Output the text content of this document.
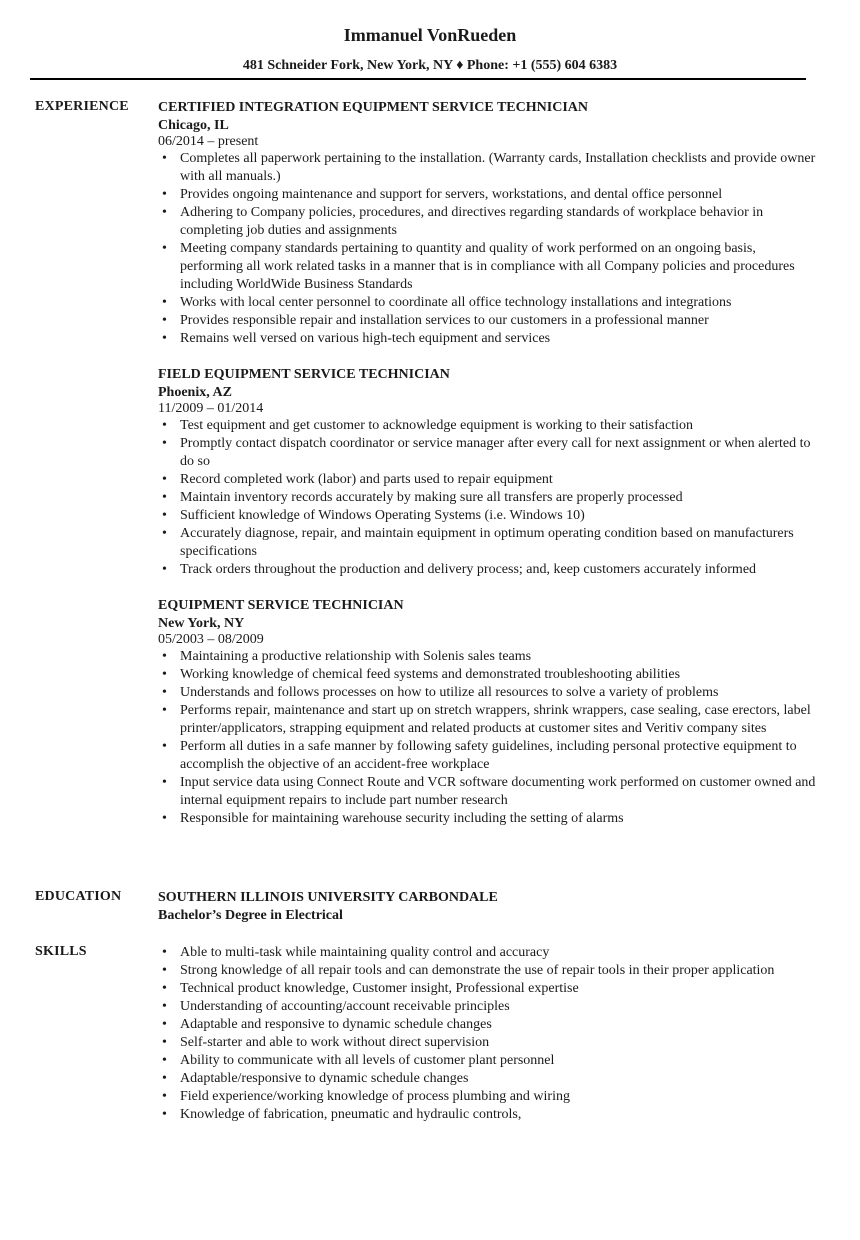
Immanuel VonRueden
481 Schneider Fork, New York, NY ♦ Phone: +1 (555) 604 6383
EXPERIENCE CERTIFIED INTEGRATION EQUIPMENT SERVICE TECHNICIAN
Chicago, IL
06/2014 – present
• Completes all paperwork pertaining to the installation. (Warranty cards, Installation checklists and provide owner with all manuals.)
• Provides ongoing maintenance and support for servers, workstations, and dental office personnel
• Adhering to Company policies, procedures, and directives regarding standards of workplace behavior in completing job duties and assignments
• Meeting company standards pertaining to quantity and quality of work performed on an ongoing basis, performing all work related tasks in a manner that is in compliance with all Company policies and procedures including WorldWide Business Standards
• Works with local center personnel to coordinate all office technology installations and integrations
• Provides responsible repair and installation services to our customers in a professional manner
• Remains well versed on various high-tech equipment and services
FIELD EQUIPMENT SERVICE TECHNICIAN
Phoenix, AZ
11/2009 – 01/2014
• Test equipment and get customer to acknowledge equipment is working to their satisfaction
• Promptly contact dispatch coordinator or service manager after every call for next assignment or when alerted to do so
• Record completed work (labor) and parts used to repair equipment
• Maintain inventory records accurately by making sure all transfers are properly processed
• Sufficient knowledge of Windows Operating Systems (i.e. Windows 10)
• Accurately diagnose, repair, and maintain equipment in optimum operating condition based on manufacturers specifications
• Track orders throughout the production and delivery process; and, keep customers accurately informed
EQUIPMENT SERVICE TECHNICIAN
New York, NY
05/2003 – 08/2009
• Maintaining a productive relationship with Solenis sales teams
• Working knowledge of chemical feed systems and demonstrated troubleshooting abilities
• Understands and follows processes on how to utilize all resources to solve a variety of problems
• Performs repair, maintenance and start up on stretch wrappers, shrink wrappers, case sealing, case erectors, label printer/applicators, strapping equipment and related products at customer sites and Veritiv company sites
• Perform all duties in a safe manner by following safety guidelines, including personal protective equipment to accomplish the objective of an accident-free workplace
• Input service data using Connect Route and VCR software documenting work performed on customer owned and internal equipment repairs to include part number research
• Responsible for maintaining warehouse security including the setting of alarms
EDUCATION	SOUTHERN ILLINOIS UNIVERSITY CARBONDALE
Bachelor’s Degree in Electrical
SKILLS	• Able to multi-task while maintaining quality control and accuracy
• Strong knowledge of all repair tools and can demonstrate the use of repair tools in their proper application
• Technical product knowledge, Customer insight, Professional expertise
• Understanding of accounting/account receivable principles
• Adaptable and responsive to dynamic schedule changes
• Self-starter and able to work without direct supervision
• Ability to communicate with all levels of customer plant personnel
• Adaptable/responsive to dynamic schedule changes
• Field experience/working knowledge of process plumbing and wiring
• Knowledge of fabrication, pneumatic and hydraulic controls,
